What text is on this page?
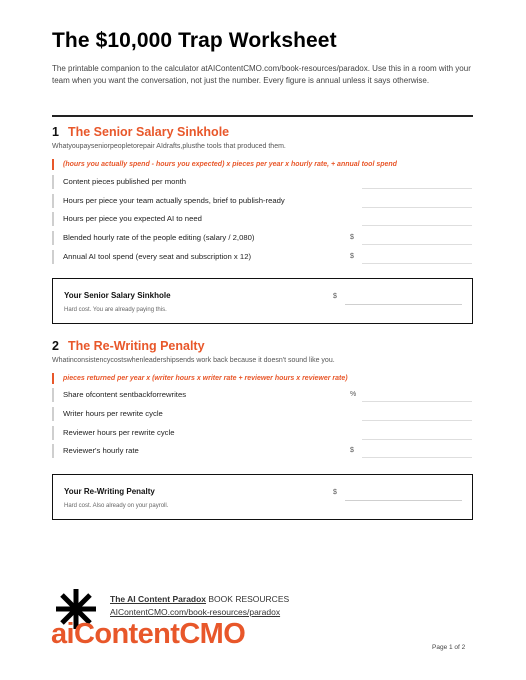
The $10,000 Trap Worksheet
The printable companion to the calculator atAIContentCMO.com/book-resources/paradox. Use this in a room with your team when you want the conversation, not just the number. Every figure is annual unless it says otherwise.
1 The Senior Salary Sinkhole
Whatyoupayseniorpeopletorepair AIdrafts,plusthe tools that produced them.
(hours you actually spend - hours you expected) x pieces per year x hourly rate, + annual tool spend
Content pieces published per month
Hours per piece your team actually spends, brief to publish-ready
Hours per piece you expected AI to need
Blended hourly rate of the people editing (salary / 2,080)	$
Annual AI tool spend (every seat and subscription x 12)	$
Your Senior Salary Sinkhole
Hard cost. You are already paying this.
$
2 The Re-Writing Penalty
Whatinconsistencycostswhenleadershipsends work back because it doesn't sound like you.
pieces returned per year x (writer hours x writer rate + reviewer hours x reviewer rate)
Share ofcontent sentbackforrewrites	%
Writer hours per rewrite cycle
Reviewer hours per rewrite cycle
Reviewer's hourly rate	$
Your Re-Writing Penalty
Hard cost. Also already on your payroll.
$
aiContentCMO
The AI Content Paradox BOOK RESOURCES
AIContentCMO.com/book-resources/paradox
Page 1 of 2
